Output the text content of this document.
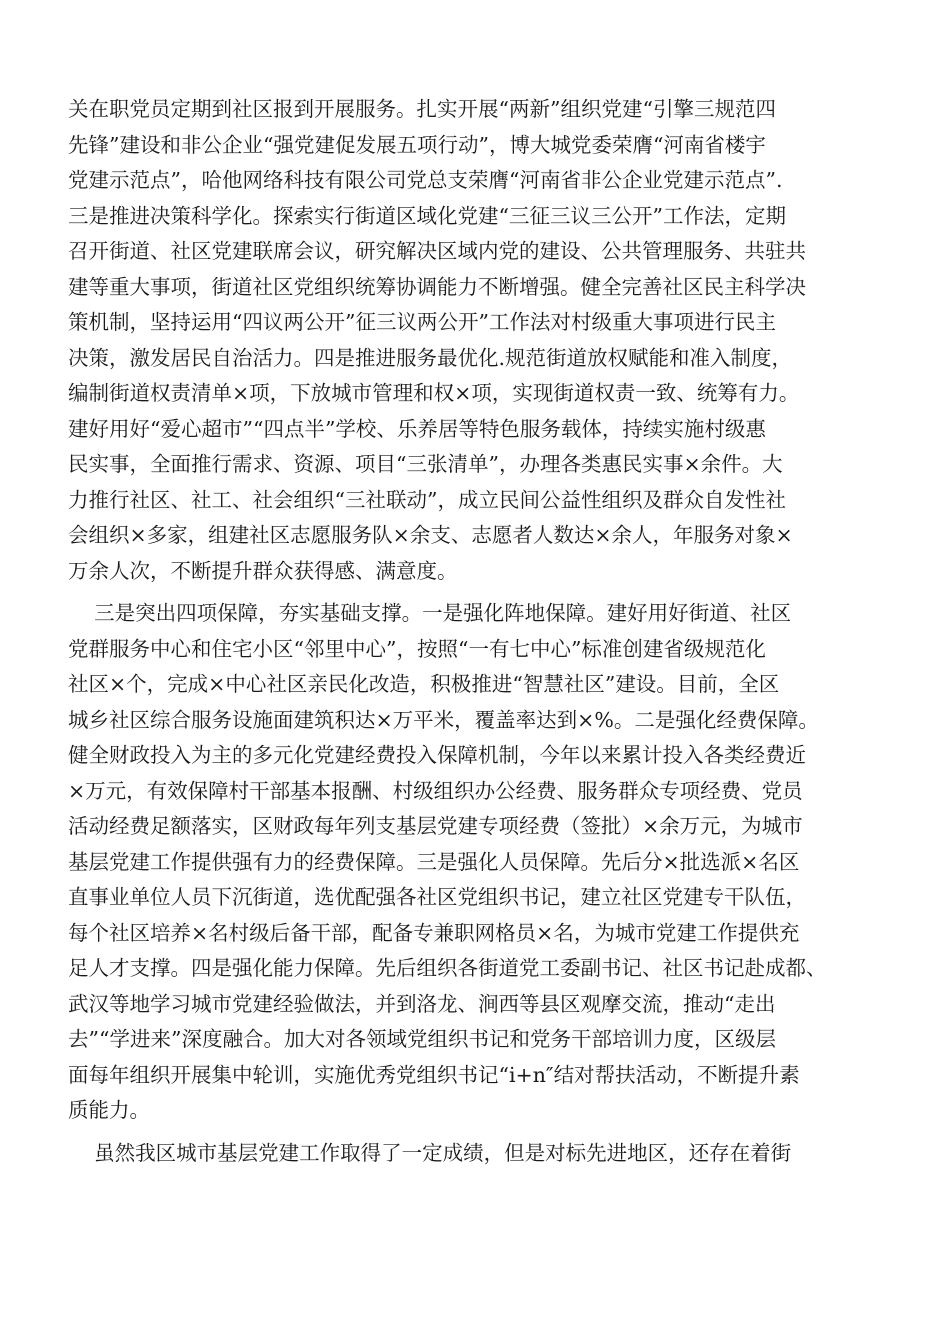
关在职党员定期到社区报到开展服务。扎实开展“两新”组织党建“引擎三规范四
先锋”建设和非公企业“强党建促发展五项行动”，博大城党委荣膺“河南省楼宇
党建示范点”，哈他网络科技有限公司党总支荣膺“河南省非公企业党建示范点”.
三是推进决策科学化。探索实行街道区域化党建“三征三议三公开”工作法，定期
召开街道、社区党建联席会议，研究解决区域内党的建设、公共管理服务、共驻共
建等重大事项，街道社区党组织统筹协调能力不断增强。健全完善社区民主科学决
策机制，坚持运用“四议两公开”征三议两公开”工作法对村级重大事项进行民主
决策，激发居民自治活力。四是推进服务最优化.规范街道放权赋能和准入制度，
编制街道权责清单×项，下放城市管理和权×项，实现街道权责一致、统筹有力。
建好用好“爱心超市”“四点半”学校、乐养居等特色服务载体，持续实施村级惠
民实事，全面推行需求、资源、项目“三张清单”，办理各类惠民实事×余件。大
力推行社区、社工、社会组织“三社联动”，成立民间公益性组织及群众自发性社
会组织×多家，组建社区志愿服务队×余支、志愿者人数达×余人，年服务对象×
万余人次，不断提升群众获得感、满意度。
三是突出四项保障，夯实基础支撑。一是强化阵地保障。建好用好街道、社区
党群服务中心和住宅小区“邻里中心”，按照“一有七中心”标准创建省级规范化
社区×个，完成×中心社区亲民化改造，积极推进“智慧社区”建设。目前，全区
城乡社区综合服务设施面建筑积达×万平米，覆盖率达到×%。二是强化经费保障。
健全财政投入为主的多元化党建经费投入保障机制，今年以来累计投入各类经费近
×万元，有效保障村干部基本报酬、村级组织办公经费、服务群众专项经费、党员
活动经费足额落实，区财政每年列支基层党建专项经费（签批）×余万元，为城市
基层党建工作提供强有力的经费保障。三是强化人员保障。先后分×批选派×名区
直事业单位人员下沉街道，选优配强各社区党组织书记，建立社区党建专干队伍，
每个社区培养×名村级后备干部，配备专兼职网格员×名，为城市党建工作提供充
足人才支撑。四是强化能力保障。先后组织各街道党工委副书记、社区书记赴成都、
武汉等地学习城市党建经验做法，并到洛龙、涧西等县区观摩交流，推动“走出
去”“学进来”深度融合。加大对各领域党组织书记和党务干部培训力度，区级层
面每年组织开展集中轮训，实施优秀党组织书记“i+n″结对帮扶活动，不断提升素
质能力。
虽然我区城市基层党建工作取得了一定成绩，但是对标先进地区，还存在着街
